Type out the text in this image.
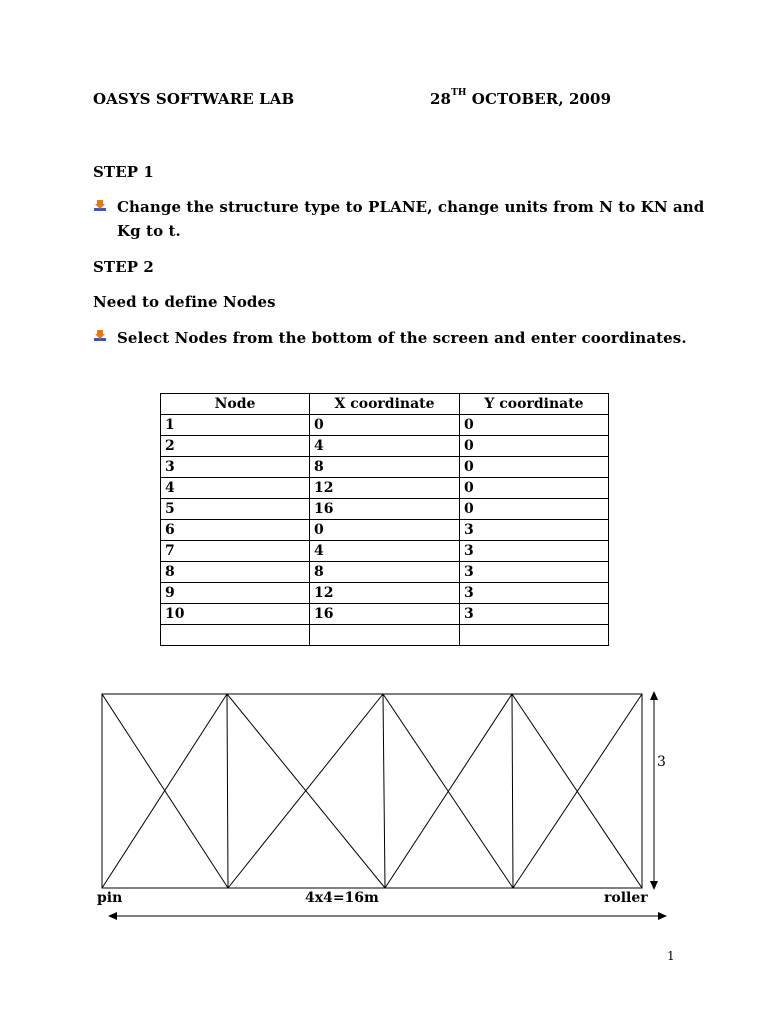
OASYS SOFTWARE LAB	28TH OCTOBER, 2009
STEP 1
Change the structure type to PLANE, change units from N to KN and
Kg to t.
STEP 2
Need to define Nodes
Select Nodes from the bottom of the screen and enter coordinates.
Node	X coordinate	Y coordinate
1	0	0
2	4	0
3	8	0
4	12	0
5	16	0
6	0	3
7	4	3
8	8	3
9	12	3
10	16	3

pin	4x4=16m	roller
3
1
